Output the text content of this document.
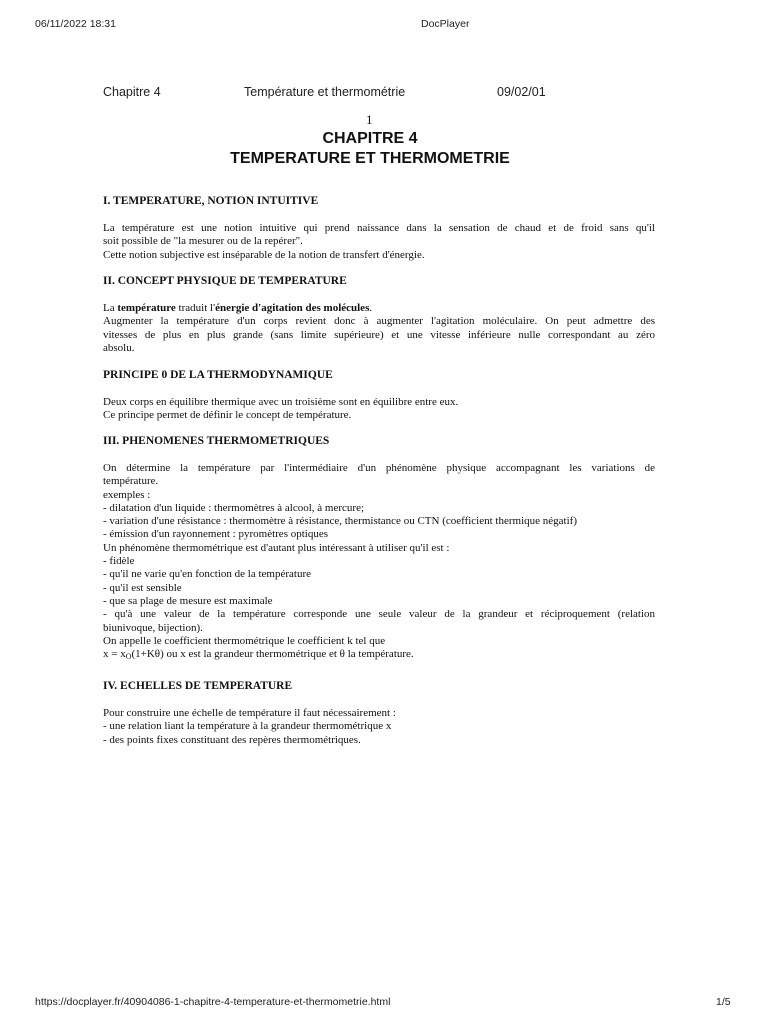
06/11/2022 18:31	DocPlayer
https://docplayer.fr/40904086-1-chapitre-4-temperature-et-thermometrie.html	1/5
Chapitre 4	Température et thermométrie	09/02/01
1
CHAPITRE 4
TEMPERATURE ET THERMOMETRIE
I. TEMPERATURE, NOTION INTUITIVE
La température est une notion intuitive qui prend naissance dans la sensation de chaud et de froid sans qu'il
soit possible de "la mesurer ou de la repérer".
Cette notion subjective est inséparable de la notion de transfert d'énergie.
II. CONCEPT PHYSIQUE DE TEMPERATURE
La température traduit l'énergie d'agitation des molécules.
Augmenter la température d'un corps revient donc à augmenter l'agitation moléculaire. On peut admettre des
vitesses de plus en plus grande (sans limite supérieure) et une vitesse inférieure nulle correspondant au zéro
absolu.
PRINCIPE 0 DE LA THERMODYNAMIQUE
Deux corps en équilibre thermique avec un troisième sont en équilibre entre eux.
Ce principe permet de définir le concept de température.
III. PHENOMENES THERMOMETRIQUES
On détermine la température par l'intermédiaire d'un phénomène physique accompagnant les variations de
température.
exemples :
- dilatation d'un liquide : thermomètres à alcool, à mercure;
- variation d'une résistance : thermomètre à résistance, thermistance ou CTN (coefficient thermique négatif)
- émission d'un rayonnement : pyromètres optiques
Un phénomène thermométrique est d'autant plus intéressant à utiliser qu'il est :
- fidèle
- qu'il ne varie qu'en fonction de la température
- qu'il est sensible
- que sa plage de mesure est maximale
- qu'à une valeur de la température corresponde une seule valeur de la grandeur et réciproquement (relation
biunivoque, bijection).
On appelle le coefficient thermométrique le coefficient k tel que
$x = x_O(1+K\theta)$ ou x est la grandeur thermométrique et θ la température.
IV. ECHELLES DE TEMPERATURE
Pour construire une échelle de température il faut nécessairement :
- une relation liant la température à la grandeur thermométrique x
- des points fixes constituant des repères thermométriques.
